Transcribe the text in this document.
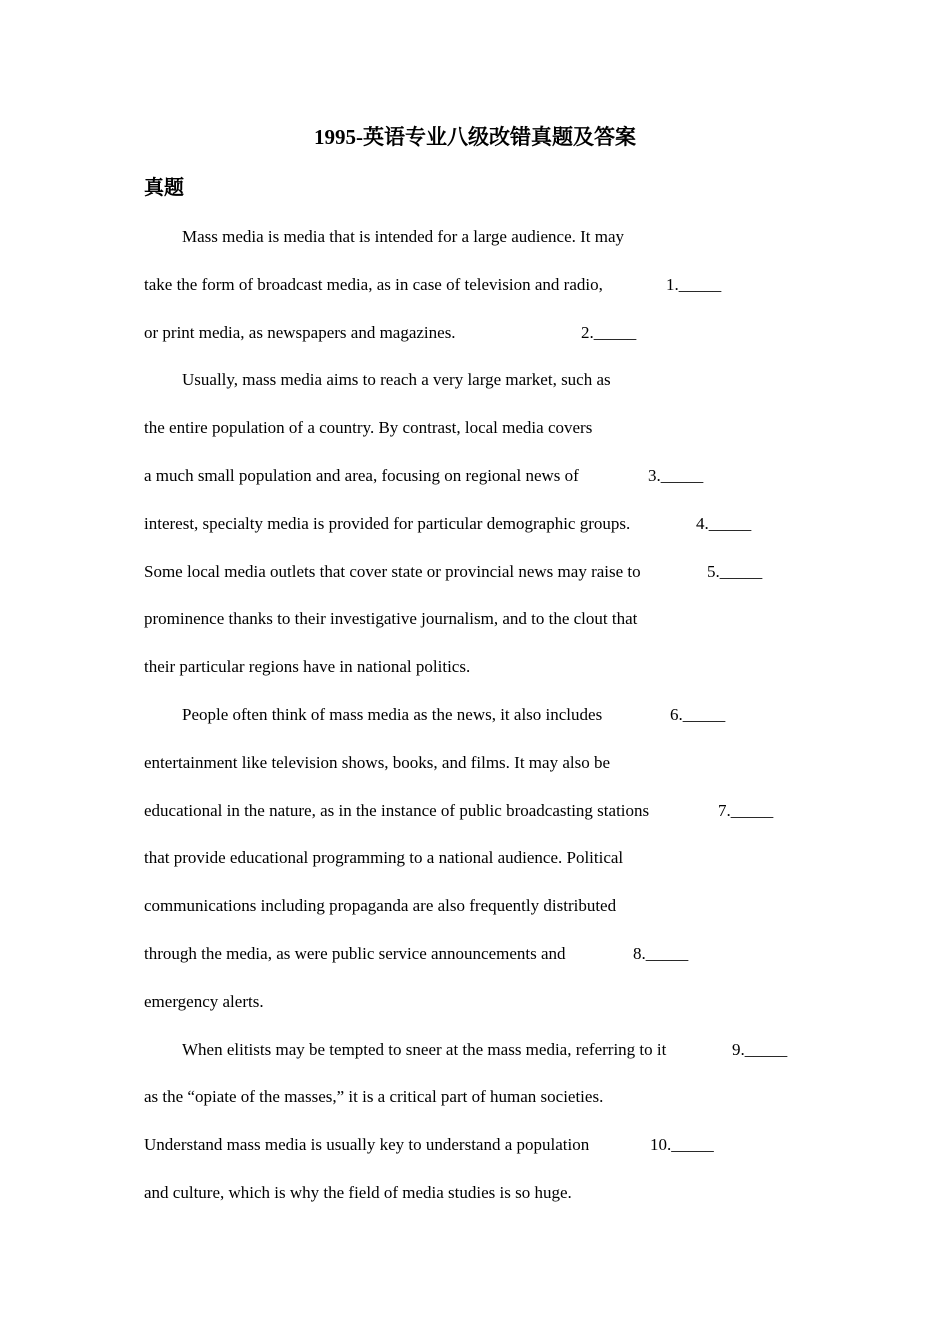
1995-英语专业八级改错真题及答案
真题
Mass media is media that is intended for a large audience. It may
take the form of broadcast media, as in case of television and radio,	1._____
or print media, as newspapers and magazines.	2._____
Usually, mass media aims to reach a very large market, such as
the entire population of a country. By contrast, local media covers
a much small population and area, focusing on regional news of	3._____
interest, specialty media is provided for particular demographic groups.	4._____
Some local media outlets that cover state or provincial news may raise to	5._____
prominence thanks to their investigative journalism, and to the clout that
their particular regions have in national politics.
People often think of mass media as the news, it also includes	6._____
entertainment like television shows, books, and films. It may also be
educational in the nature, as in the instance of public broadcasting stations	7._____
that provide educational programming to a national audience. Political
communications including propaganda are also frequently distributed
through the media, as were public service announcements and	8._____
emergency alerts.
When elitists may be tempted to sneer at the mass media, referring to it	9._____
as the “opiate of the masses,” it is a critical part of human societies.
Understand mass media is usually key to understand a population	10._____
and culture, which is why the field of media studies is so huge.
